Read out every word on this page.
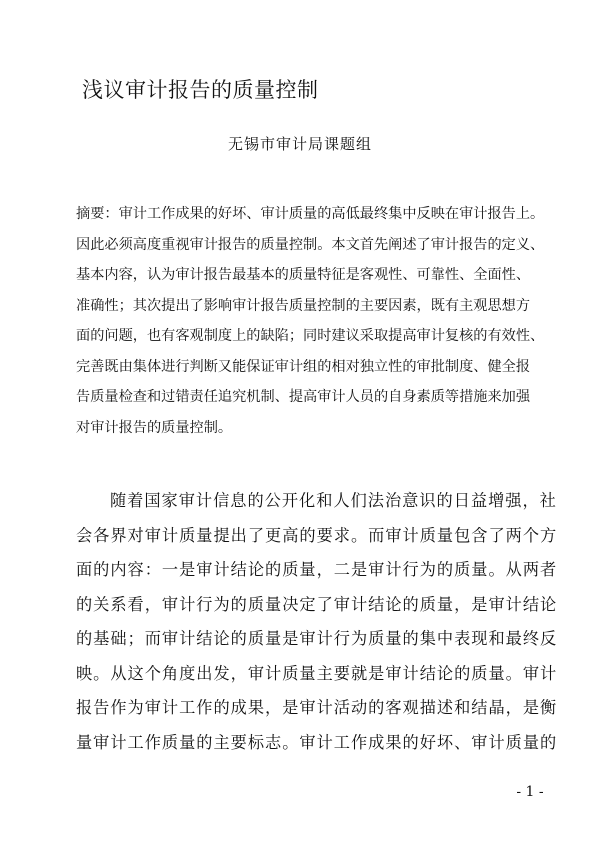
浅议审计报告的质量控制
无锡市审计局课题组
摘要：审计工作成果的好坏、审计质量的高低最终集中反映在审计报告上。
因此必须高度重视审计报告的质量控制。本文首先阐述了审计报告的定义、
基本内容，认为审计报告最基本的质量特征是客观性、可靠性、全面性、
准确性；其次提出了影响审计报告质量控制的主要因素，既有主观思想方
面的问题，也有客观制度上的缺陷；同时建议采取提高审计复核的有效性、
完善既由集体进行判断又能保证审计组的相对独立性的审批制度、健全报
告质量检查和过错责任追究机制、提高审计人员的自身素质等措施来加强
对审计报告的质量控制。
随着国家审计信息的公开化和人们法治意识的日益增强，社
会各界对审计质量提出了更高的要求。而审计质量包含了两个方
面的内容：一是审计结论的质量，二是审计行为的质量。从两者
的关系看，审计行为的质量决定了审计结论的质量，是审计结论
的基础；而审计结论的质量是审计行为质量的集中表现和最终反
映。从这个角度出发，审计质量主要就是审计结论的质量。审计
报告作为审计工作的成果，是审计活动的客观描述和结晶，是衡
量审计工作质量的主要标志。审计工作成果的好坏、审计质量的
- 1 -
